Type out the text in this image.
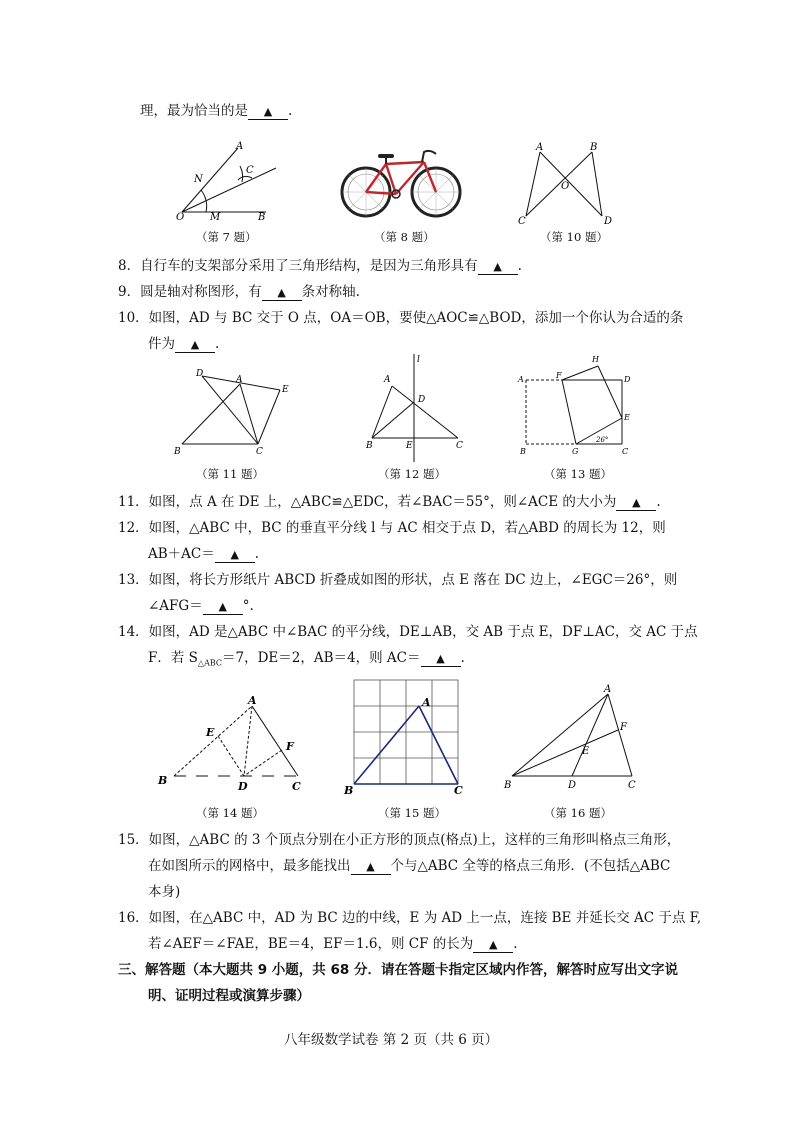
理，最为恰当的是 ▲ .
A
C
N
O	M	B
（第 7 题）	（第 8 题）
A	B
O
C	D
（第 10 题）
8．自行车的支架部分采用了三角形结构，是因为三角形具有 ▲ .
9．圆是轴对称图形，有 ▲ 条对称轴.
10．如图，AD 与 BC 交于 O 点，OA＝OB，要使△AOC≌△BOD，添加一个你认为合适的条
件为 ▲ .
D
A
E
B	C
（第 11 题）
l
A
D
B	E	C
（第 12 题）
A	F
H
D
E
B	G	C
26°
（第 13 题）
11．如图，点 A 在 DE 上，△ABC≌△EDC，若∠BAC＝55°，则∠ACE 的大小为 ▲ .
12．如图，△ABC 中，BC 的垂直平分线 l 与 AC 相交于点 D，若△ABD 的周长为 12，则
AB＋AC＝ ▲ .
13．如图，将长方形纸片 ABCD 折叠成如图的形状，点 E 落在 DC 边上，∠EGC＝26°，则
∠AFG＝ ▲ °.
14．如图，AD 是△ABC 中∠BAC 的平分线，DE⊥AB，交 AB 于点 E，DF⊥AC，交 AC 于点
F．若 $S_{\triangle ABC}=7$，DE＝2，AB＝4，则 AC＝ ▲ .
A
E
F
B	D	C
（第 14 题）
A
B	C
（第 15 题）
A
F
E
B	D	C
（第 16 题）
15．如图，△ABC 的 3 个顶点分别在小正方形的顶点(格点)上，这样的三角形叫格点三角形，
在如图所示的网格中，最多能找出 ▲ 个与△ABC 全等的格点三角形．(不包括△ABC
本身)
16．如图，在△ABC 中，AD 为 BC 边的中线，E 为 AD 上一点，连接 BE 并延长交 AC 于点 F,
若∠AEF＝∠FAE，BE＝4，EF＝1.6，则 CF 的长为 ▲ .
三、解答题（本大题共 9 小题，共 68 分．请在答题卡指定区域内作答，解答时应写出文字说
明、证明过程或演算步骤）
八年级数学试卷 第 2 页（共 6 页）
